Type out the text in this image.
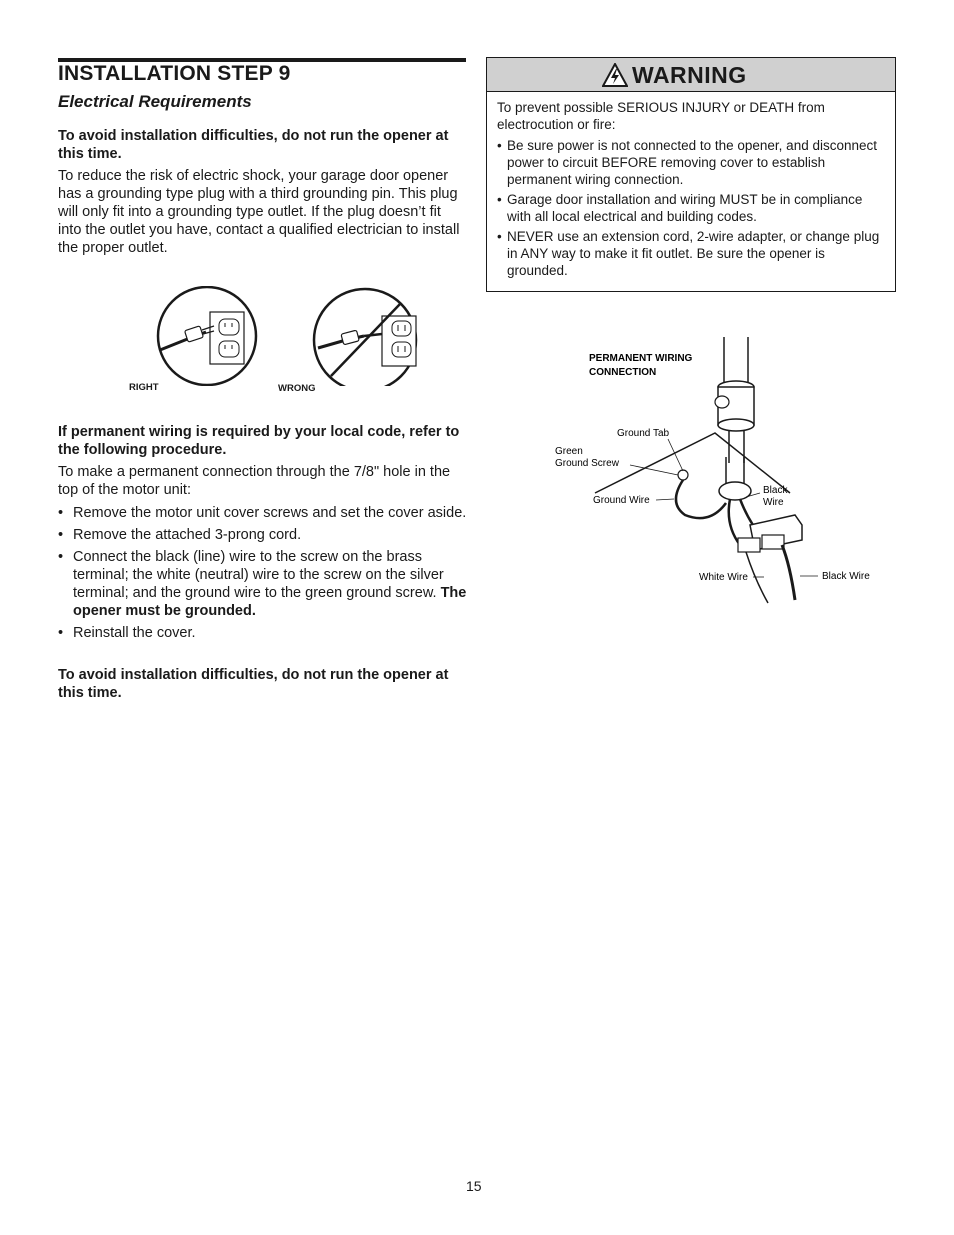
INSTALLATION STEP 9
Electrical Requirements
To avoid installation difficulties, do not run the opener at this time.
To reduce the risk of electric shock, your garage door opener has a grounding type plug with a third grounding pin. This plug will only fit into a grounding type outlet. If the plug doesn’t fit into the outlet you have, contact a qualified electrician to install the proper outlet.
RIGHT	WRONG
If permanent wiring is required by your local code, refer to the following procedure.
To make a permanent connection through the 7/8" hole in the top of the motor unit:
• Remove the motor unit cover screws and set the cover aside.
• Remove the attached 3-prong cord.
• Connect the black (line) wire to the screw on the brass terminal; the white (neutral) wire to the screw on the silver terminal; and the ground wire to the green ground screw. The opener must be grounded.
• Reinstall the cover.
To avoid installation difficulties, do not run the opener at this time.
WARNING
To prevent possible SERIOUS INJURY or DEATH from electrocution or fire:
• Be sure power is not connected to the opener, and disconnect power to circuit BEFORE removing cover to establish permanent wiring connection.
• Garage door installation and wiring MUST be in compliance with all local electrical and building codes.
• NEVER use an extension cord, 2-wire adapter, or change plug in ANY way to make it fit outlet. Be sure the opener is grounded.
PERMANENT WIRING
CONNECTION
Ground Tab
Green
Ground Screw
Ground Wire
Black
Wire
White Wire	Black Wire
15
